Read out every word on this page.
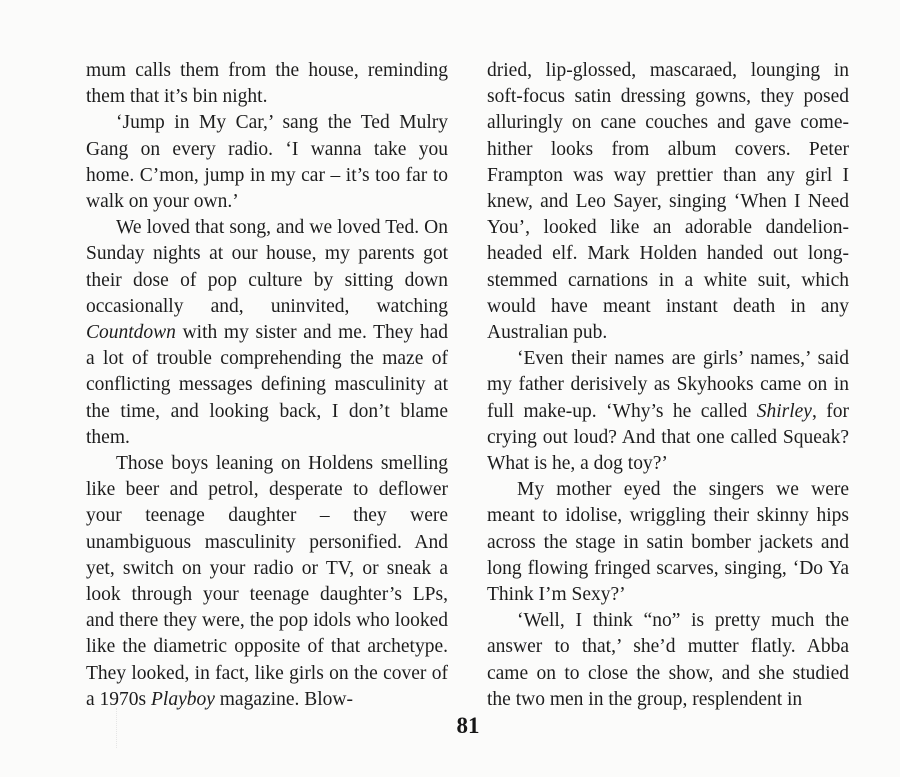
mum calls them from the house, reminding them that it’s bin night.

‘Jump in My Car,’ sang the Ted Mulry Gang on every radio. ‘I wanna take you home. C’mon, jump in my car – it’s too far to walk on your own.’

We loved that song, and we loved Ted. On Sunday nights at our house, my parents got their dose of pop culture by sitting down occasionally and, uninvited, watching Countdown with my sister and me. They had a lot of trouble comprehending the maze of conflicting messages defining masculinity at the time, and looking back, I don’t blame them.

Those boys leaning on Holdens smelling like beer and petrol, desperate to deflower your teenage daughter – they were unambiguous masculinity personified. And yet, switch on your radio or TV, or sneak a look through your teenage daughter’s LPs, and there they were, the pop idols who looked like the diametric opposite of that archetype. They looked, in fact, like girls on the cover of a 1970s Playboy magazine. Blow-

dried, lip-glossed, mascaraed, lounging in soft-focus satin dressing gowns, they posed alluringly on cane couches and gave come-hither looks from album covers. Peter Frampton was way prettier than any girl I knew, and Leo Sayer, singing ‘When I Need You’, looked like an adorable dandelion-headed elf. Mark Holden handed out long-stemmed carnations in a white suit, which would have meant instant death in any Australian pub.

‘Even their names are girls’ names,’ said my father derisively as Skyhooks came on in full make-up. ‘Why’s he called Shirley, for crying out loud? And that one called Squeak? What is he, a dog toy?’

My mother eyed the singers we were meant to idolise, wriggling their skinny hips across the stage in satin bomber jackets and long flowing fringed scarves, singing, ‘Do Ya Think I’m Sexy?’

‘Well, I think “no” is pretty much the answer to that,’ she’d mutter flatly. Abba came on to close the show, and she studied the two men in the group, resplendent in

81
